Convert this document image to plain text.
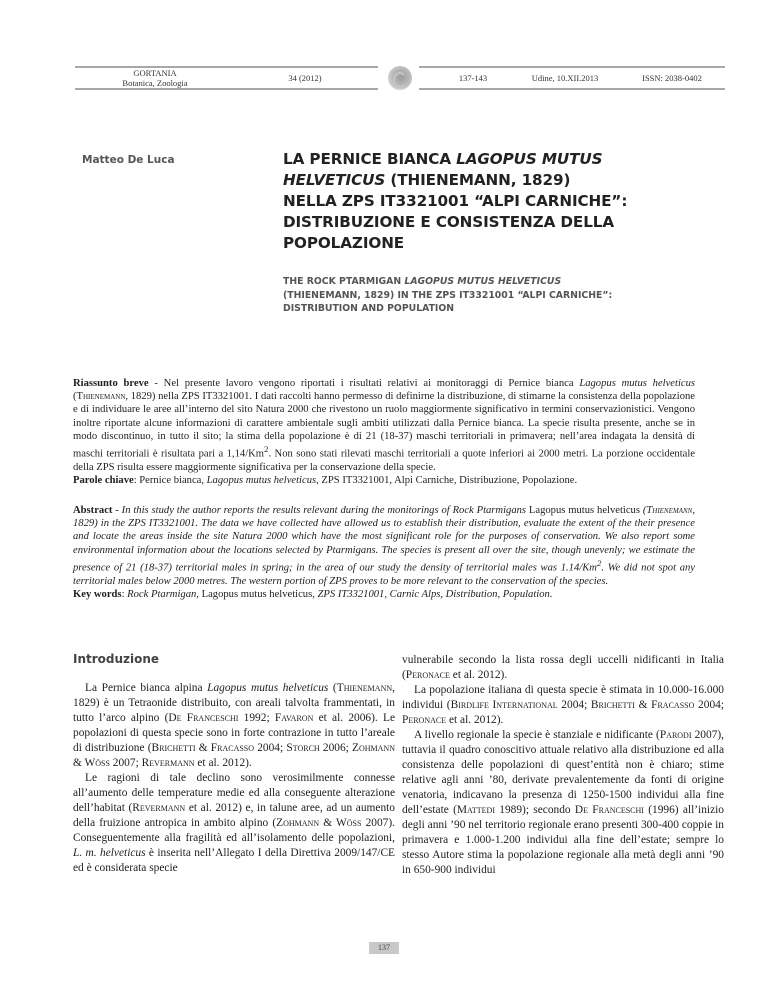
GORTANIA
Botanica, Zoologia	34 (2012)	137-143	Udine, 10.XII.2013	ISSN: 2038-0402
Matteo De Luca	LA PERNICE BIANCA LAGOPUS MUTUS
HELVETICUS (THIENEMANN, 1829)
NELLA ZPS IT3321001 “ALPI CARNICHE”:
DISTRIBUZIONE E CONSISTENZA DELLA
POPOLAZIONE
THE ROCK PTARMIGAN LAGOPUS MUTUS HELVETICUS
(THIENEMANN, 1829) IN THE ZPS IT3321001 “ALPI CARNICHE”:
DISTRIBUTION AND POPULATION
Riassunto breve - Nel presente lavoro vengono riportati i risultati relativi ai monitoraggi di Pernice bianca Lagopus mutus helveticus (Thienemann, 1829) nella ZPS IT3321001. I dati raccolti hanno permesso di definirne la distribuzione, di stimarne la consistenza della popolazione e di individuare le aree all’interno del sito Natura 2000 che rivestono un ruolo maggiormente significativo in termini conservazionistici. Vengono inoltre riportate alcune informazioni di carattere ambientale sugli ambiti utilizzati dalla Pernice bianca. La specie risulta presente, anche se in modo discontinuo, in tutto il sito; la stima della popolazione è di 21 (18-37) maschi territoriali in primavera; nell’area indagata la densità di maschi territoriali è risultata pari a 1,14/Km$^2$. Non sono stati rilevati maschi territoriali a quote inferiori ai 2000 metri. La porzione occidentale della ZPS risulta essere maggiormente significativa per la conservazione della specie.
Parole chiave: Pernice bianca, Lagopus mutus helveticus, ZPS IT3321001, Alpi Carniche, Distribuzione, Popolazione.
Abstract - In this study the author reports the results relevant during the monitorings of Rock Ptarmigans Lagopus mutus helveticus (Thienemann, 1829) in the ZPS IT3321001. The data we have collected have allowed us to establish their distribution, evaluate the extent of the their presence and locate the areas inside the site Natura 2000 which have the most significant role for the purposes of conservation. We also report some environmental information about the locations selected by Ptarmigans. The species is present all over the site, though unevenly; we estimate the presence of 21 (18-37) territorial males in spring; in the area of our study the density of territorial males was 1.14/Km$^2$. We did not spot any territorial males below 2000 metres. The western portion of ZPS proves to be more relevant to the conservation of the species.
Key words: Rock Ptarmigan, Lagopus mutus helveticus, ZPS IT3321001, Carnic Alps, Distribution, Population.
Introduzione

La Pernice bianca alpina Lagopus mutus helveticus (Thienemann, 1829) è un Tetraonide distribuito, con areali talvolta frammentati, in tutto l’arco alpino (De Franceschi 1992; Favaron et al. 2006). Le popolazioni di questa specie sono in forte contrazione in tutto l’areale di distribuzione (Brichetti & Fracasso 2004; Storch 2006; Zohmann & Wöss 2007; Revermann et al. 2012).

Le ragioni di tale declino sono verosimilmente connesse all’aumento delle temperature medie ed alla conseguente alterazione dell’habitat (Revermann et al. 2012) e, in talune aree, ad un aumento della fruizione antropica in ambito alpino (Zohmann & Wöss 2007). Conseguentemente alla fragilità ed all’isolamento delle popolazioni, L. m. helveticus è inserita nell’Allegato I della Direttiva 2009/147/CE ed è considerata specie

vulnerabile secondo la lista rossa degli uccelli nidificanti in Italia (Peronace et al. 2012).

La popolazione italiana di questa specie è stimata in 10.000-16.000 individui (Birdlife International 2004; Brichetti & Fracasso 2004; Peronace et al. 2012).

A livello regionale la specie è stanziale e nidificante (Parodi 2007), tuttavia il quadro conoscitivo attuale relativo alla distribuzione ed alla consistenza delle popolazioni di quest’entità non è chiaro; stime relative agli anni ’80, derivate prevalentemente da fonti di origine venatoria, indicavano la presenza di 1250-1500 individui alla fine dell’estate (Mattedi 1989); secondo De Franceschi (1996) all’inizio degli anni ’90 nel territorio regionale erano presenti 300-400 coppie in primavera e 1.000-1.200 individui alla fine dell’estate; sempre lo stesso Autore stima la popolazione regionale alla metà degli anni ’90 in 650-900 individui

137
